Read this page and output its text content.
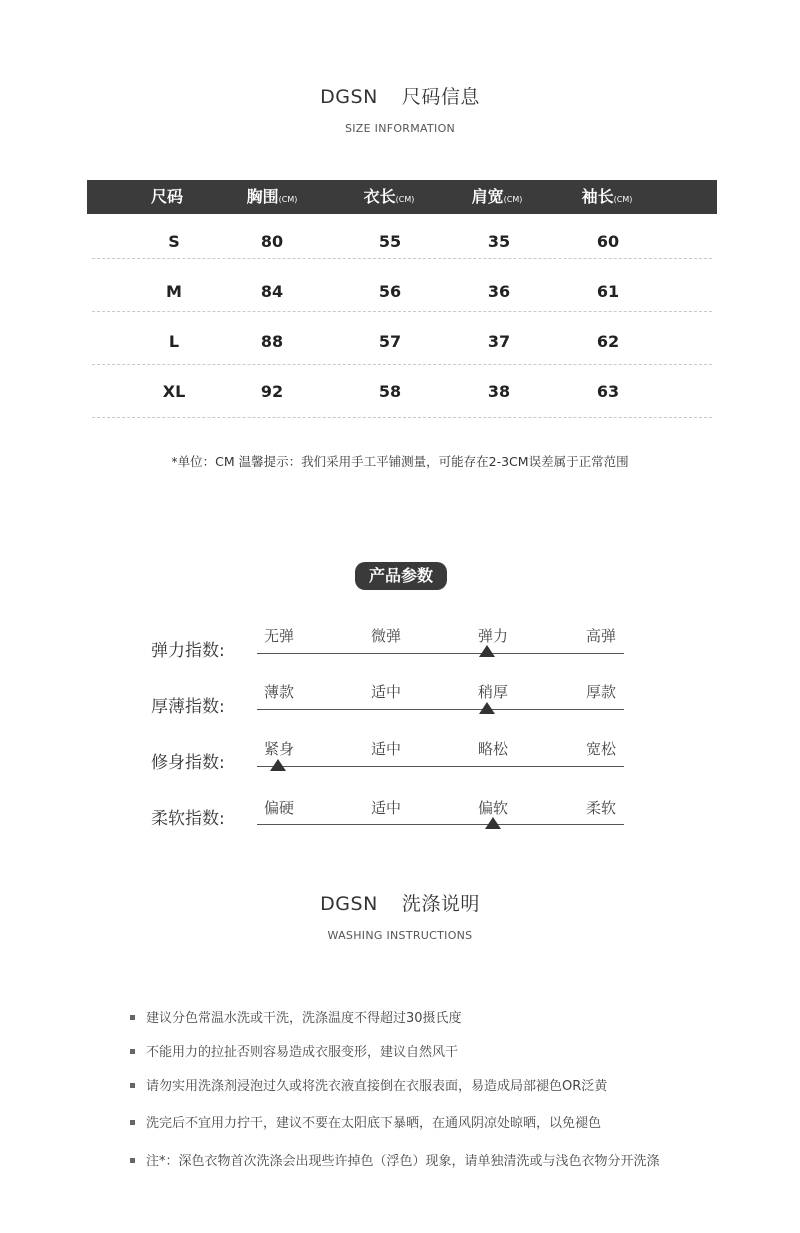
DGSN 尺码信息
SIZE INFORMATION
尺码	胸围(CM)	衣长(CM)	肩宽(CM)	袖长(CM)
S	80	55	35	60
M	84	56	36	61
L	88	57	37	62
XL	92	58	38	63
*单位：CM 温馨提示：我们采用手工平铺测量，可能存在2-3CM误差属于正常范围
产品参数
弹力指数:
无弹	微弹	弹力	高弹
厚薄指数:
薄款	适中	稍厚	厚款
修身指数:
紧身	适中	略松	宽松
柔软指数:
偏硬	适中	偏软	柔软
DGSN 洗涤说明
WASHING INSTRUCTIONS
建议分色常温水洗或干洗，洗涤温度不得超过30摄氏度
不能用力的拉扯否则容易造成衣服变形，建议自然风干
请勿实用洗涤剂浸泡过久或将洗衣液直接倒在衣服表面，易造成局部褪色OR泛黄
洗完后不宜用力拧干，建议不要在太阳底下暴晒，在通风阴凉处晾晒，以免褪色
注*：深色衣物首次洗涤会出现些许掉色（浮色）现象，请单独清洗或与浅色衣物分开洗涤
